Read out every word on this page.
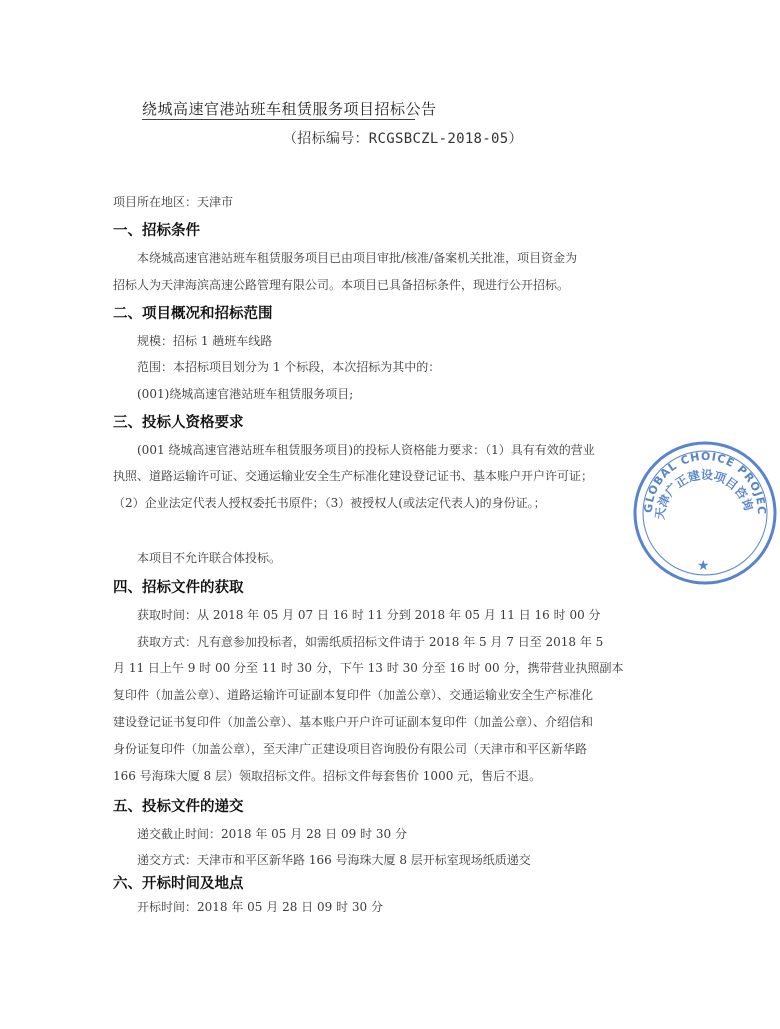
绕城高速官港站班车租赁服务项目招标公告
（招标编号：RCGSBCZL-2018-05）
项目所在地区：天津市
一、招标条件
本绕城高速官港站班车租赁服务项目已由项目审批/核准/备案机关批准，项目资金为
招标人为天津海滨高速公路管理有限公司。本项目已具备招标条件，现进行公开招标。
二、项目概况和招标范围
规模：招标 1 趟班车线路
范围：本招标项目划分为 1 个标段，本次招标为其中的：
(001)绕城高速官港站班车租赁服务项目;
三、投标人资格要求
(001 绕城高速官港站班车租赁服务项目)的投标人资格能力要求：（1）具有有效的营业
执照、道路运输许可证、交通运输业安全生产标准化建设登记证书、基本账户开户许可证；
（2）企业法定代表人授权委托书原件；（3）被授权人(或法定代表人)的身份证。；
本项目不允许联合体投标。
四、招标文件的获取
获取时间：从 2018 年 05 月 07 日 16 时 11 分到 2018 年 05 月 11 日 16 时 00 分
获取方式：凡有意参加投标者，如需纸质招标文件请于 2018 年 5 月 7 日至 2018 年 5
月 11 日上午 9 时 00 分至 11 时 30 分，下午 13 时 30 分至 16 时 00 分，携带营业执照副本
复印件（加盖公章）、道路运输许可证副本复印件（加盖公章）、交通运输业安全生产标准化
建设登记证书复印件（加盖公章）、基本账户开户许可证副本复印件（加盖公章）、介绍信和
身份证复印件（加盖公章），至天津广正建设项目咨询股份有限公司（天津市和平区新华路
166 号海珠大厦 8 层）领取招标文件。招标文件每套售价 1000 元，售后不退。
五、投标文件的递交
递交截止时间：2018 年 05 月 28 日 09 时 30 分
递交方式：天津市和平区新华路 166 号海珠大厦 8 层开标室现场纸质递交
六、开标时间及地点
开标时间：2018 年 05 月 28 日 09 时 30 分
GLOBAL CHOICE PROJEC
天津广正建设项目咨询
★
